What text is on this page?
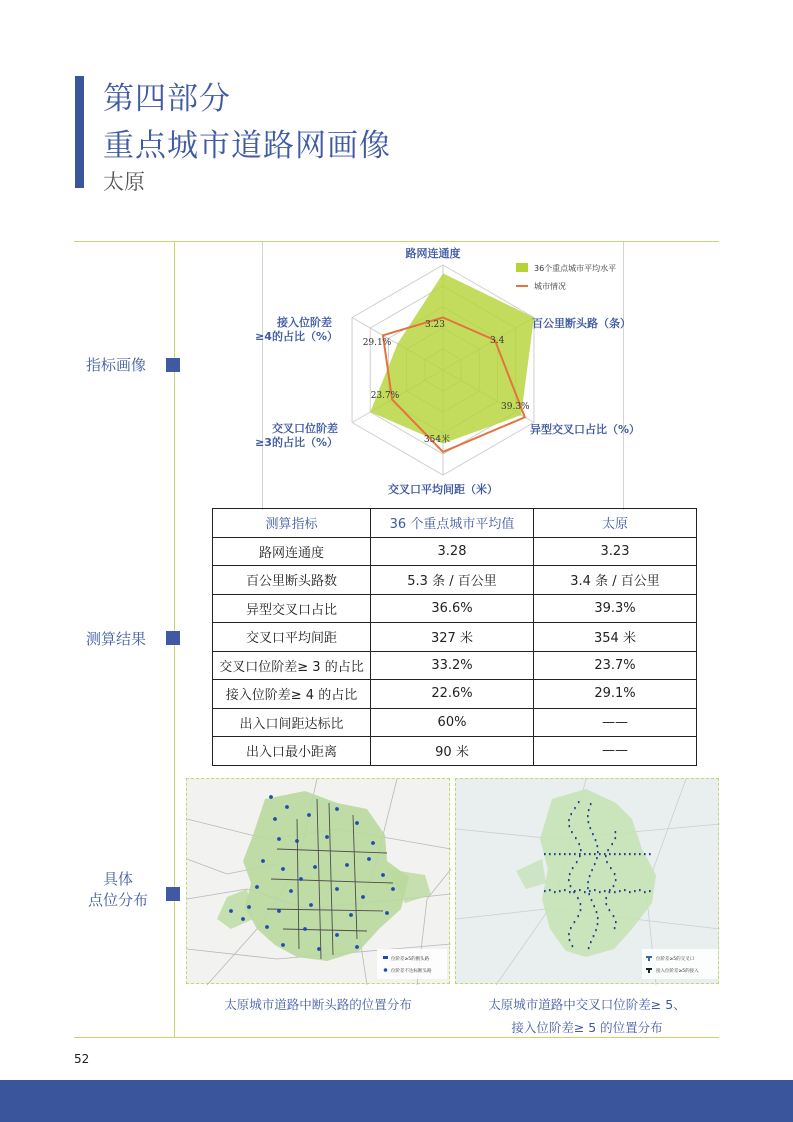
第四部分
重点城市道路网画像
太原
指标画像
测算结果
具体
点位分布
路网连通度
百公里断头路（条）
异型交叉口占比（%）
交叉口平均间距（米）
交叉口位阶差
≥3的占比（%）
接入位阶差
≥4的占比（%）
3.23
3.4
39.3%
354米
23.7%
29.1%
36个重点城市平均水平
城市情况
测算指标	36 个重点城市平均值	太原
路网连通度	3.28	3.23
百公里断头路数	5.3 条 / 百公里	3.4 条 / 百公里
异型交叉口占比	36.6%	39.3%
交叉口平均间距	327 米	354 米
交叉口位阶差≥ 3 的占比	33.2%	23.7%
接入位阶差≥ 4 的占比	22.6%	29.1%
出入口间距达标比	60%	——
出入口最小距离	90 米	——
位阶差≥5的断头路
位阶差不达标断头路
位阶差≥5的交叉口
接入位阶差≥5的接入
太原城市道路中断头路的位置分布	太原城市道路中交叉口位阶差≥ 5、
接入位阶差≥ 5 的位置分布
52
